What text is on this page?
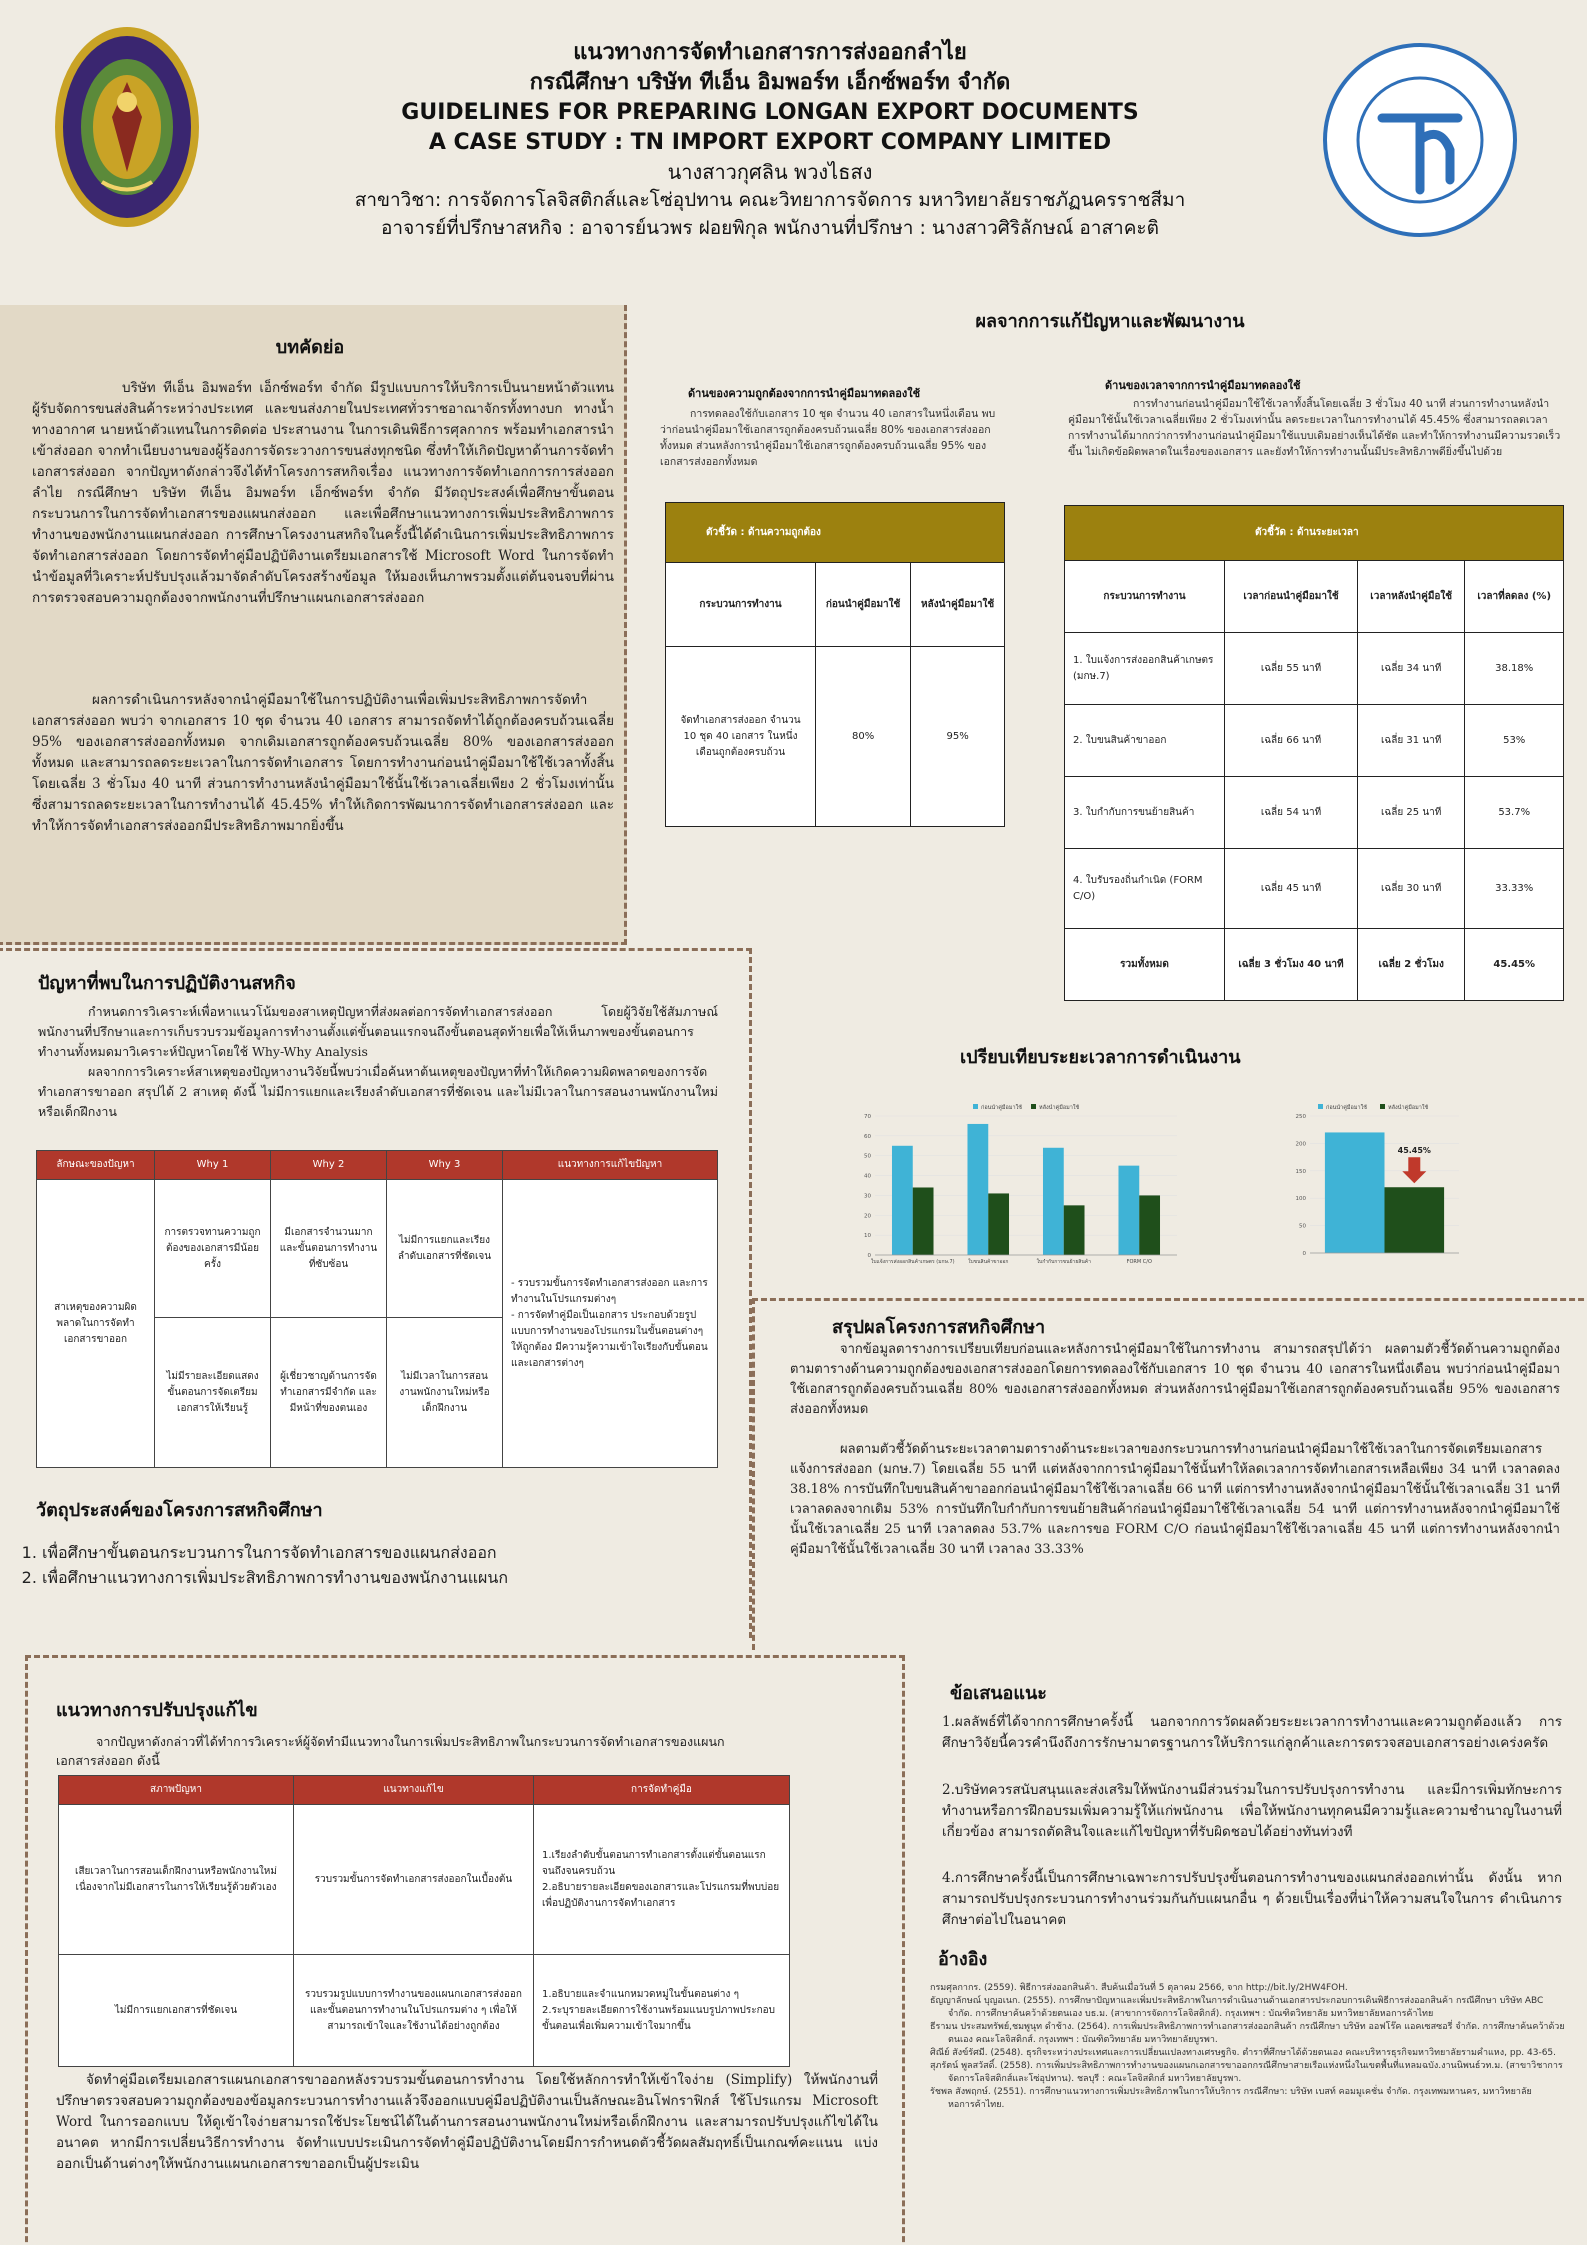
แนวทางการจัดทำเอกสารการส่งออกลำไย
กรณีศึกษา บริษัท ทีเอ็น อิมพอร์ท เอ็กซ์พอร์ท จำกัด
GUIDELINES FOR PREPARING LONGAN EXPORT DOCUMENTS
A CASE STUDY : TN IMPORT EXPORT COMPANY LIMITED
นางสาวกุศลิน พวงไธสง
สาขาวิชา: การจัดการโลจิสติกส์และโซ่อุปทาน คณะวิทยาการจัดการ มหาวิทยาลัยราชภัฏนครราชสีมา
อาจารย์ที่ปรึกษาสหกิจ : อาจารย์นวพร ฝอยพิกุล พนักงานที่ปรึกษา : นางสาวศิริลักษณ์ อาสาคะติ
บทคัดย่อ
บริษัท ทีเอ็น อิมพอร์ท เอ็กซ์พอร์ท จำกัด มีรูปแบบการให้บริการเป็นนายหน้าตัวแทนผู้รับจัดการขนส่งสินค้าระหว่างประเทศ และขนส่งภายในประเทศทั่วราชอาณาจักรทั้งทางบก ทางน้ำ ทางอากาศ นายหน้าตัวแทนในการติดต่อ ประสานงาน ในการเดินพิธีการศุลกากร พร้อมทำเอกสารนำเข้าส่งออก จากทำเนียบงานของผู้ร้องการจัดระวางการขนส่งทุกชนิด ซึ่งทำให้เกิดปัญหาด้านการจัดทำเอกสารส่งออก จากปัญหาดังกล่าวจึงได้ทำโครงการสหกิจเรื่อง แนวทางการจัดทำเอกการการส่งออกลำไย กรณีศึกษา บริษัท ทีเอ็น อิมพอร์ท เอ็กซ์พอร์ท จำกัด มีวัตถุประสงค์เพื่อศึกษาขั้นตอนกระบวนการในการจัดทำเอกสารของแผนกส่งออก และเพื่อศึกษาแนวทางการเพิ่มประสิทธิภาพการทำงานของพนักงานแผนกส่งออก การศึกษาโครงงานสหกิจในครั้งนี้ได้ดำเนินการเพิ่มประสิทธิภาพการจัดทำเอกสารส่งออก โดยการจัดทำคู่มือปฏิบัติงานเตรียมเอกสารใช้ Microsoft Word ในการจัดทำ นำข้อมูลที่วิเคราะห์ปรับปรุงแล้วมาจัดลำดับโครงสร้างข้อมูล ให้มองเห็นภาพรวมตั้งแต่ต้นจนจบที่ผ่านการตรวจสอบความถูกต้องจากพนักงานที่ปรึกษาแผนกเอกสารส่งออก
ผลการดำเนินการหลังจากนำคู่มือมาใช้ในการปฏิบัติงานเพื่อเพิ่มประสิทธิภาพการจัดทำเอกสารส่งออก พบว่า จากเอกสาร 10 ชุด จำนวน 40 เอกสาร สามารถจัดทำได้ถูกต้องครบถ้วนเฉลี่ย 95% ของเอกสารส่งออกทั้งหมด จากเดิมเอกสารถูกต้องครบถ้วนเฉลี่ย 80% ของเอกสารส่งออกทั้งหมด และสามารถลดระยะเวลาในการจัดทำเอกสาร โดยการทำงานก่อนนำคู่มือมาใช้ใช้เวลาทั้งสิ้นโดยเฉลี่ย 3 ชั่วโมง 40 นาที ส่วนการทำงานหลังนำคู่มือมาใช้นั้นใช้เวลาเฉลี่ยเพียง 2 ชั่วโมงเท่านั้น ซึ่งสามารถลดระยะเวลาในการทำงานได้ 45.45% ทำให้เกิดการพัฒนาการจัดทำเอกสารส่งออก และทำให้การจัดทำเอกสารส่งออกมีประสิทธิภาพมากยิ่งขึ้น
ปัญหาที่พบในการปฏิบัติงานสหกิจ
กำหนดการวิเคราะห์เพื่อหาแนวโน้มของสาเหตุปัญหาที่ส่งผลต่อการจัดทำเอกสารส่งออก โดยผู้วิจัยใช้สัมภาษณ์พนักงานที่ปรึกษาและการเก็บรวบรวมข้อมูลการทำงานตั้งแต่ขั้นตอนแรกจนถึงขั้นตอนสุดท้ายเพื่อให้เห็นภาพของขั้นตอนการทำงานทั้งหมดมาวิเคราะห์ปัญหาโดยใช้ Why-Why Analysis
ผลจากการวิเคราะห์สาเหตุของปัญหางานวิจัยนี้พบว่าเมื่อค้นหาต้นเหตุของปัญหาที่ทำให้เกิดความผิดพลาดของการจัดทำเอกสารขาออก สรุปได้ 2 สาเหตุ ดังนี้ ไม่มีการแยกและเรียงลำดับเอกสารที่ชัดเจน และไม่มีเวลาในการสอนงานพนักงานใหม่หรือเด็กฝึกงาน
ลักษณะของปัญหา	Why 1	Why 2	Why 3	แนวทางการแก้ไขปัญหา
สาเหตุของความผิดพลาดในการจัดทำเอกสารขาออก	การตรวจทานความถูกต้องของเอกสารมีน้อยครั้ง	มีเอกสารจำนวนมาก และขั้นตอนการทำงานที่ซับซ้อน	ไม่มีการแยกและเรียงลำดับเอกสารที่ชัดเจน	- รวบรวมขั้นการจัดทำเอกสารส่งออก และการทำงานในโปรแกรมต่างๆ
- การจัดทำคู่มือเป็นเอกสาร ประกอบด้วยรูปแบบการทำงานของโปรแกรมในขั้นตอนต่างๆให้ถูกต้อง มีความรู้ความเข้าใจเรียงกับขั้นตอน และเอกสารต่างๆ
	ไม่มีรายละเอียดแสดงขั้นตอนการจัดเตรียมเอกสารให้เรียนรู้	ผู้เชี่ยวชาญด้านการจัดทำเอกสารมีจำกัด และมีหน้าที่ของตนเอง	ไม่มีเวลาในการสอนงานพนักงานใหม่หรือเด็กฝึกงาน	
วัตถุประสงค์ของโครงการสหกิจศึกษา
1. เพื่อศึกษาขั้นตอนกระบวนการในการจัดทำเอกสารของแผนกส่งออก
2. เพื่อศึกษาแนวทางการเพิ่มประสิทธิภาพการทำงานของพนักงานแผนก
แนวทางการปรับปรุงแก้ไข
จากปัญหาดังกล่าวที่ได้ทำการวิเคราะห์ผู้จัดทำมีแนวทางในการเพิ่มประสิทธิภาพในกระบวนการจัดทำเอกสารของแผนกเอกสารส่งออก ดังนี้
สภาพปัญหา	แนวทางแก้ไข	การจัดทำคู่มือ
เสียเวลาในการสอนเด็กฝึกงานหรือพนักงานใหม่ เนื่องจากไม่มีเอกสารในการให้เรียนรู้ด้วยตัวเอง	รวบรวมขั้นการจัดทำเอกสารส่งออกในเบื้องต้น	1.เรียงลำดับขั้นตอนการทำเอกสารตั้งแต่ขั้นตอนแรกจนถึงจนครบถ้วน
2.อธิบายรายละเอียดของเอกสารและโปรแกรมที่พบบ่อยเพื่อปฏิบัติงานการจัดทำเอกสาร
ไม่มีการแยกเอกสารที่ชัดเจน	รวบรวมรูปแบบการทำงานของแผนกเอกสารส่งออก และขั้นตอนการทำงานในโปรแกรมต่าง ๆ เพื่อให้สามารถเข้าใจและใช้งานได้อย่างถูกต้อง	1.อธิบายและจำแนกหมวดหมู่ในขั้นตอนต่าง ๆ
2.ระบุรายละเอียดการใช้งานพร้อมแนบรูปภาพประกอบขั้นตอนเพื่อเพิ่มความเข้าใจมากขึ้น
จัดทำคู่มือเตรียมเอกสารแผนกเอกสารขาออกหลังรวบรวมขั้นตอนการทำงาน โดยใช้หลักการทำให้เข้าใจง่าย (Simplify) ให้พนักงานที่ปรึกษาตรวจสอบความถูกต้องของข้อมูลกระบวนการทำงานแล้วจึงออกแบบคู่มือปฏิบัติงานเป็นลักษณะอินโฟกราฟิกส์ ใช้โปรแกรม Microsoft Word ในการออกแบบ ให้ดูเข้าใจง่ายสามารถใช้ประโยชน์ได้ในด้านการสอนงานพนักงานใหม่หรือเด็กฝึกงาน และสามารถปรับปรุงแก้ไขได้ในอนาคต หากมีการเปลี่ยนวิธีการทำงาน จัดทำแบบประเมินการจัดทำคู่มือปฏิบัติงานโดยมีการกำหนดตัวชี้วัดผลสัมฤทธิ์เป็นเกณฑ์คะแนน แบ่งออกเป็นด้านต่างๆให้พนักงานแผนกเอกสารขาออกเป็นผู้ประเมิน
ผลจากการแก้ปัญหาและพัฒนางาน
ด้านของความถูกต้องจากการนำคู่มือมาทดลองใช้
การทดลองใช้กับเอกสาร 10 ชุด จำนวน 40 เอกสารในหนึ่งเดือน พบว่าก่อนนำคู่มือมาใช้เอกสารถูกต้องครบถ้วนเฉลี่ย 80% ของเอกสารส่งออกทั้งหมด ส่วนหลังการนำคู่มือมาใช้เอกสารถูกต้องครบถ้วนเฉลี่ย 95% ของเอกสารส่งออกทั้งหมด
ตัวชี้วัด : ด้านความถูกต้อง		
กระบวนการทำงาน	ก่อนนำคู่มือมาใช้	หลังนำคู่มือมาใช้
จัดทำเอกสารส่งออก จำนวน 10 ชุด 40 เอกสาร ในหนึ่งเดือนถูกต้องครบถ้วน	80%	95%
ด้านของเวลาจากการนำคู่มือมาทดลองใช้
การทำงานก่อนนำคู่มือมาใช้ใช้เวลาทั้งสิ้นโดยเฉลี่ย 3 ชั่วโมง 40 นาที ส่วนการทำงานหลังนำคู่มือมาใช้นั้นใช้เวลาเฉลี่ยเพียง 2 ชั่วโมงเท่านั้น ลดระยะเวลาในการทำงานได้ 45.45% ซึ่งสามารถลดเวลาการทำงานได้มากกว่าการทำงานก่อนนำคู่มือมาใช้แบบเดิมอย่างเห็นได้ชัด และทำให้การทำงานมีความรวดเร็วขึ้น ไม่เกิดข้อผิดพลาดในเรื่องของเอกสาร และยังทำให้การทำงานนั้นมีประสิทธิภาพดียิ่งขึ้นไปด้วย
ตัวชี้วัด : ด้านระยะเวลา			
กระบวนการทำงาน	เวลาก่อนนำคู่มือมาใช้	เวลาหลังนำคู่มือใช้	เวลาที่ลดลง (%)
1. ใบแจ้งการส่งออกสินค้าเกษตร (มกษ.7)	เฉลี่ย 55 นาที	เฉลี่ย 34 นาที	38.18%
2. ใบขนสินค้าขาออก	เฉลี่ย 66 นาที	เฉลี่ย 31 นาที	53%
3. ใบกำกับการขนย้ายสินค้า	เฉลี่ย 54 นาที	เฉลี่ย 25 นาที	53.7%
4. ใบรับรองถิ่นกำเนิด (FORM C/O)	เฉลี่ย 45 นาที	เฉลี่ย 30 นาที	33.33%
รวมทั้งหมด	เฉลี่ย 3 ชั่วโมง 40 นาที	เฉลี่ย 2 ชั่วโมง	45.45%
เปรียบเทียบระยะเวลาการดำเนินงาน
ก่อนนำคู่มือมาใช้	หลังนำคู่มือมาใช้
0
10
20
30
40
50
60
70
ใบแจ้งการส่งออกสินค้าเกษตร (มกษ.7)	ใบขนสินค้าขาออก	ใบกำกับการขนย้ายสินค้า	FORM C/O
ก่อนนำคู่มือมาใช้	หลังนำคู่มือมาใช้
0
50
100
150
200
250
45.45%
สรุปผลโครงการสหกิจศึกษา
จากข้อมูลตารางการเปรียบเทียบก่อนและหลังการนำคู่มือมาใช้ในการทำงาน สามารถสรุปได้ว่า ผลตามตัวชี้วัดด้านความถูกต้องตามตารางด้านความถูกต้องของเอกสารส่งออกโดยการทดลองใช้กับเอกสาร 10 ชุด จำนวน 40 เอกสารในหนึ่งเดือน พบว่าก่อนนำคู่มือมาใช้เอกสารถูกต้องครบถ้วนเฉลี่ย 80% ของเอกสารส่งออกทั้งหมด ส่วนหลังการนำคู่มือมาใช้เอกสารถูกต้องครบถ้วนเฉลี่ย 95% ของเอกสารส่งออกทั้งหมด
ผลตามตัวชี้วัดด้านระยะเวลาตามตารางด้านระยะเวลาของกระบวนการทำงานก่อนนำคู่มือมาใช้ใช้เวลาในการจัดเตรียมเอกสารแจ้งการส่งออก (มกษ.7) โดยเฉลี่ย 55 นาที แต่หลังจากการนำคู่มือมาใช้นั้นทำให้ลดเวลาการจัดทำเอกสารเหลือเพียง 34 นาที เวลาลดลง 38.18% การบันทึกใบขนสินค้าขาออกก่อนนำคู่มือมาใช้ใช้เวลาเฉลี่ย 66 นาที แต่การทำงานหลังจากนำคู่มือมาใช้นั้นใช้เวลาเฉลี่ย 31 นาที เวลาลดลงจากเดิม 53% การบันทึกใบกำกับการขนย้ายสินค้าก่อนนำคู่มือมาใช้ใช้เวลาเฉลี่ย 54 นาที แต่การทำงานหลังจากนำคู่มือมาใช้นั้นใช้เวลาเฉลี่ย 25 นาที เวลาลดลง 53.7% และการขอ FORM C/O ก่อนนำคู่มือมาใช้ใช้เวลาเฉลี่ย 45 นาที แต่การทำงานหลังจากนำคู่มือมาใช้นั้นใช้เวลาเฉลี่ย 30 นาที เวลาลง 33.33%
ข้อเสนอแนะ
1.ผลลัพธ์ที่ได้จากการศึกษาครั้งนี้ นอกจากการวัดผลด้วยระยะเวลาการทำงานและความถูกต้องแล้ว การศึกษาวิจัยนี้ควรคำนึงถึงการรักษามาตรฐานการให้บริการแก่ลูกค้าและการตรวจสอบเอกสารอย่างเคร่งครัด
2.บริษัทควรสนับสนุนและส่งเสริมให้พนักงานมีส่วนร่วมในการปรับปรุงการทำงาน และมีการเพิ่มทักษะการทำงานหรือการฝึกอบรมเพิ่มความรู้ให้แก่พนักงาน เพื่อให้พนักงานทุกคนมีความรู้และความชำนาญในงานที่เกี่ยวข้อง สามารถตัดสินใจและแก้ไขปัญหาที่รับผิดชอบได้อย่างทันท่วงที
4.การศึกษาครั้งนี้เป็นการศึกษาเฉพาะการปรับปรุงขั้นตอนการทำงานของแผนกส่งออกเท่านั้น ดังนั้น หากสามารถปรับปรุงกระบวนการทำงานร่วมกันกับแผนกอื่น ๆ ด้วยเป็นเรื่องที่น่าให้ความสนใจในการ ดำเนินการศึกษาต่อไปในอนาคต
อ้างอิง
กรมศุลกากร. (2559). พิธีการส่งออกสินค้า. สืบค้นเมื่อวันที่ 5 ตุลาคม 2566, จาก http://bit.ly/2HW4FOH.
ธัญญาลักษณ์ บุญอเนก. (2555). การศึกษาปัญหาและเพิ่มประสิทธิภาพในการดำเนินงานด้านเอกสารประกอบการเดินพิธีการส่งออกสินค้า กรณีศึกษา บริษัท ABC จำกัด. การศึกษาค้นคว้าด้วยตนเอง บธ.ม. (สาขาการจัดการโลจิสติกส์). กรุงเทพฯ : บัณฑิตวิทยาลัย มหาวิทยาลัยหอการค้าไทย
ธีรามน ประสมทรัพย์,ชมพูนุท ดำช้าง. (2564). การเพิ่มประสิทธิภาพการทำเอกสารส่งออกสินค้า กรณีศึกษา บริษัท ออฟโร๊ค แอคเซสซอรี่ จำกัด. การศึกษาค้นคว้าด้วยตนเอง คณะโลจิสติกส์. กรุงเทพฯ : บัณฑิตวิทยาลัย มหาวิทยาลัยบูรพา.
ศิณีย์ สังข์รัศมี. (2548). ธุรกิจระหว่างประเทศและการเปลี่ยนแปลงทางเศรษฐกิจ. ตำราที่ศึกษาได้ด้วยตนเอง คณะบริหารธุรกิจมหาวิทยาลัยรามคำแหง, pp. 43-65.
สุภรัตน์ พูลสวัสดิ์. (2558). การเพิ่มประสิทธิภาพการทำงานของแผนกเอกสารขาออกกรณีศึกษาสายเรือแห่งหนึ่งในเขตพื้นที่แหลมฉบัง.งานนิพนธ์วท.ม. (สาขาวิชาการจัดการโลจิสติกส์และโซ่อุปทาน). ชลบุรี : คณะโลจิสติกส์ มหาวิทยาลัยบูรพา.
รัชพล สังพฤกษ์. (2551). การศึกษาแนวทางการเพิ่มประสิทธิภาพในการให้บริการ กรณีศึกษา: บริษัท เบสท์ คอมมูเคชั่น จำกัด. กรุงเทพมหานคร, มหาวิทยาลัยหอการค้าไทย.
